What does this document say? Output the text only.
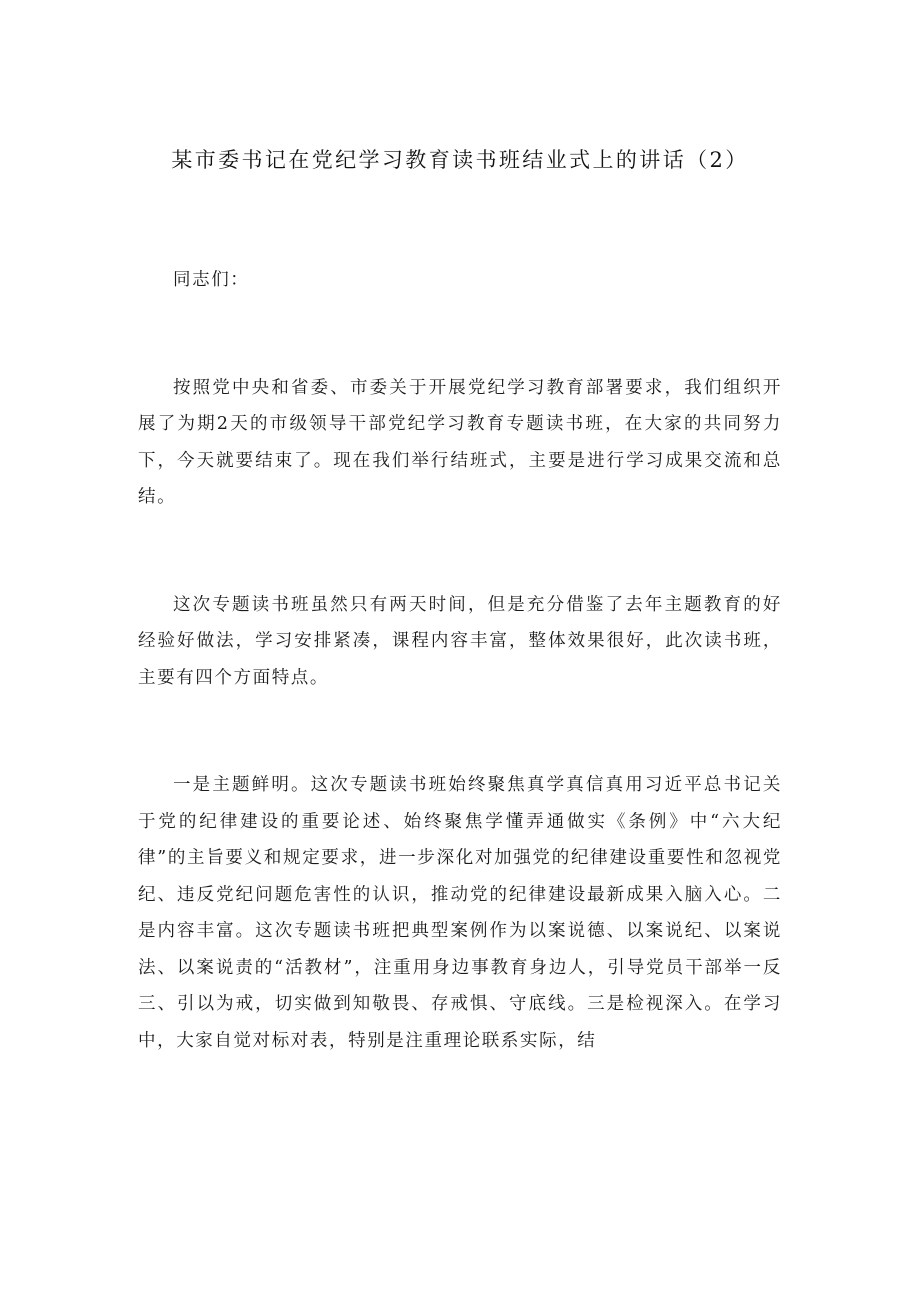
某市委书记在党纪学习教育读书班结业式上的讲话（2）

同志们：

按照党中央和省委、市委关于开展党纪学习教育部署要求，我们组织开展了为期2天的市级领导干部党纪学习教育专题读书班，在大家的共同努力下，今天就要结束了。现在我们举行结班式，主要是进行学习成果交流和总结。

这次专题读书班虽然只有两天时间，但是充分借鉴了去年主题教育的好经验好做法，学习安排紧凑，课程内容丰富，整体效果很好，此次读书班，主要有四个方面特点。

一是主题鲜明。这次专题读书班始终聚焦真学真信真用习近平总书记关于党的纪律建设的重要论述、始终聚焦学懂弄通做实《条例》中“六大纪律”的主旨要义和规定要求，进一步深化对加强党的纪律建设重要性和忽视党纪、违反党纪问题危害性的认识，推动党的纪律建设最新成果入脑入心。二是内容丰富。这次专题读书班把典型案例作为以案说德、以案说纪、以案说法、以案说责的“活教材”，注重用身边事教育身边人，引导党员干部举一反三、引以为戒，切实做到知敬畏、存戒惧、守底线。三是检视深入。在学习中，大家自觉对标对表，特别是注重理论联系实际，结
